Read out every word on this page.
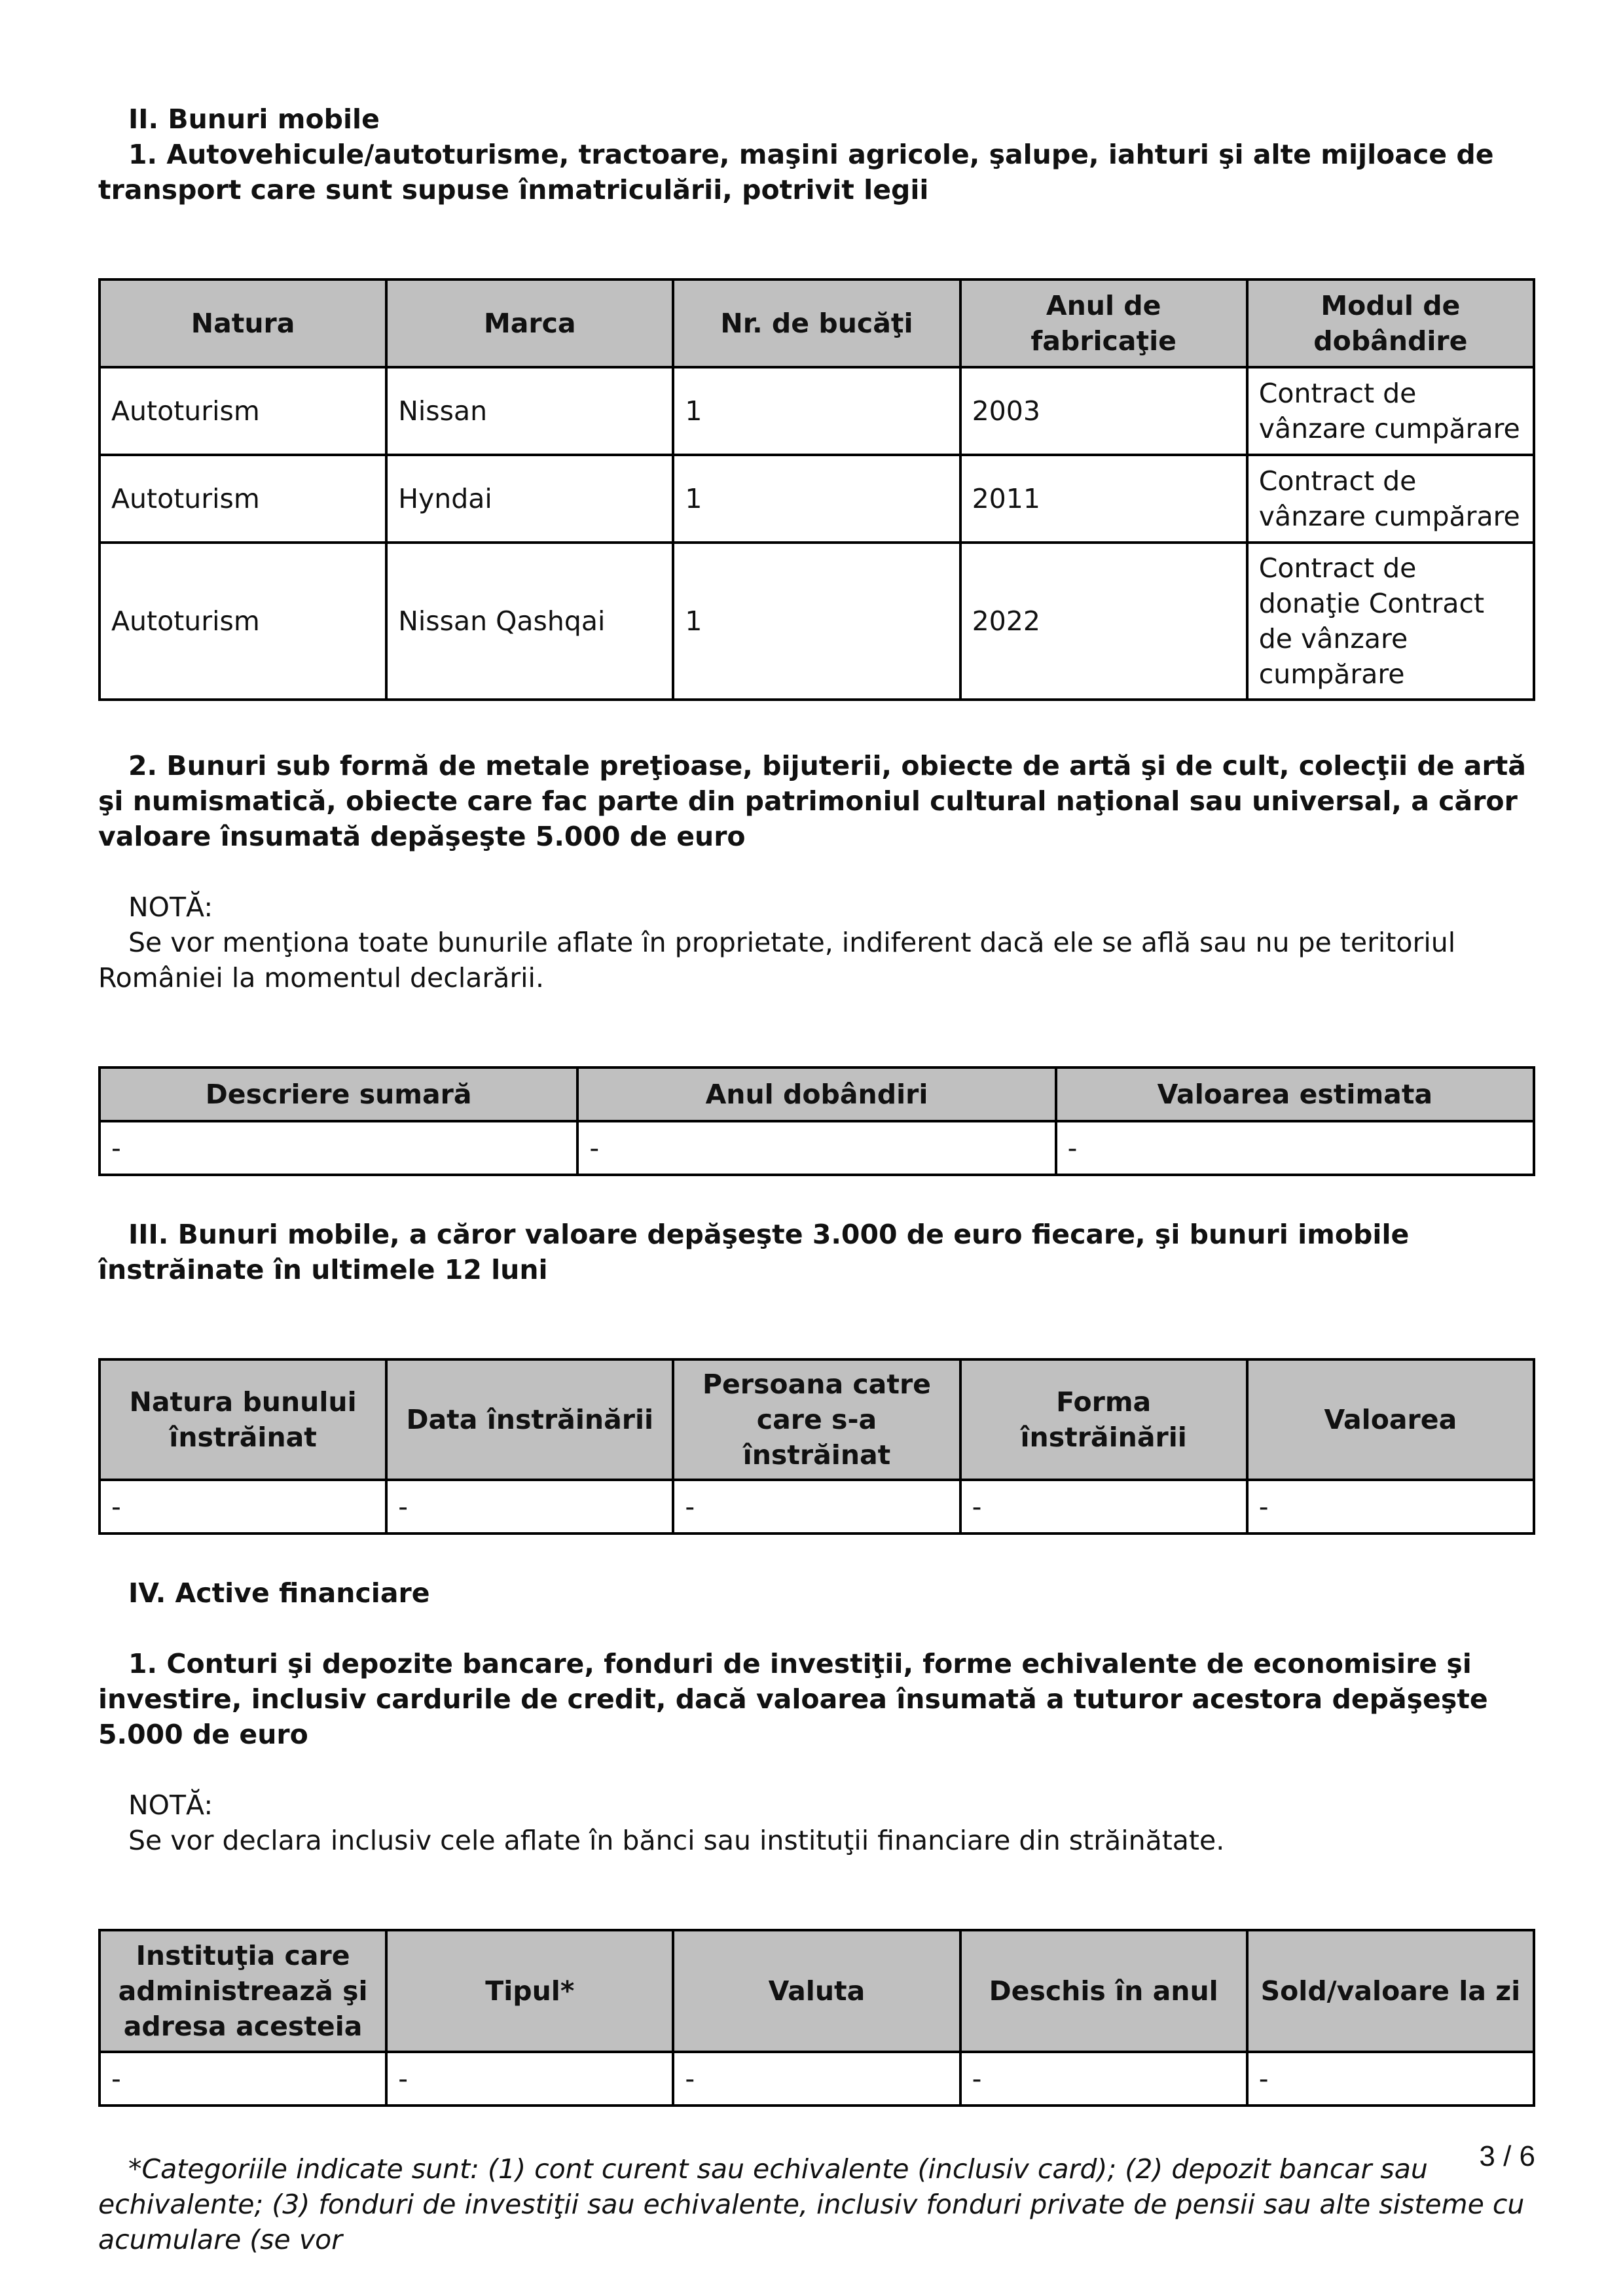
II. Bunuri mobile

1. Autovehicule/autoturisme, tractoare, maşini agricole, şalupe, iahturi şi alte mijloace de transport care sunt supuse înmatriculării, potrivit legii

Natura	Marca	Nr. de bucăţi	Anul de fabricaţie	Modul de dobândire
Autoturism	Nissan	1	2003	Contract de vânzare cumpărare
Autoturism	Hyndai	1	2011	Contract de vânzare cumpărare
Autoturism	Nissan Qashqai	1	2022	Contract de donaţie Contract de vânzare cumpărare

2. Bunuri sub formă de metale preţioase, bijuterii, obiecte de artă şi de cult, colecţii de artă şi numismatică, obiecte care fac parte din patrimoniul cultural naţional sau universal, a căror valoare însumată depăşeşte 5.000 de euro

NOTĂ:

Se vor menţiona toate bunurile aflate în proprietate, indiferent dacă ele se află sau nu pe teritoriul României la momentul declarării.

Descriere sumară	Anul dobândiri	Valoarea estimata
-	-	-

III. Bunuri mobile, a căror valoare depăşeşte 3.000 de euro fiecare, şi bunuri imobile înstrăinate în ultimele 12 luni

Natura bunului înstrăinat	Data înstrăinării	Persoana catre care s-a înstrăinat	Forma înstrăinării	Valoarea
-	-	-	-	-

IV. Active financiare

1. Conturi şi depozite bancare, fonduri de investiţii, forme echivalente de economisire şi investire, inclusiv cardurile de credit, dacă valoarea însumată a tuturor acestora depăşeşte 5.000 de euro

NOTĂ:

Se vor declara inclusiv cele aflate în bănci sau instituţii financiare din străinătate.

Instituţia care administrează şi adresa acesteia	Tipul*	Valuta	Deschis în anul	Sold/valoare la zi
-	-	-	-	-

*Categoriile indicate sunt: (1) cont curent sau echivalente (inclusiv card); (2) depozit bancar sau echivalente; (3) fonduri de investiţii sau echivalente, inclusiv fonduri private de pensii sau alte sisteme cu acumulare (se vor

3 / 6
